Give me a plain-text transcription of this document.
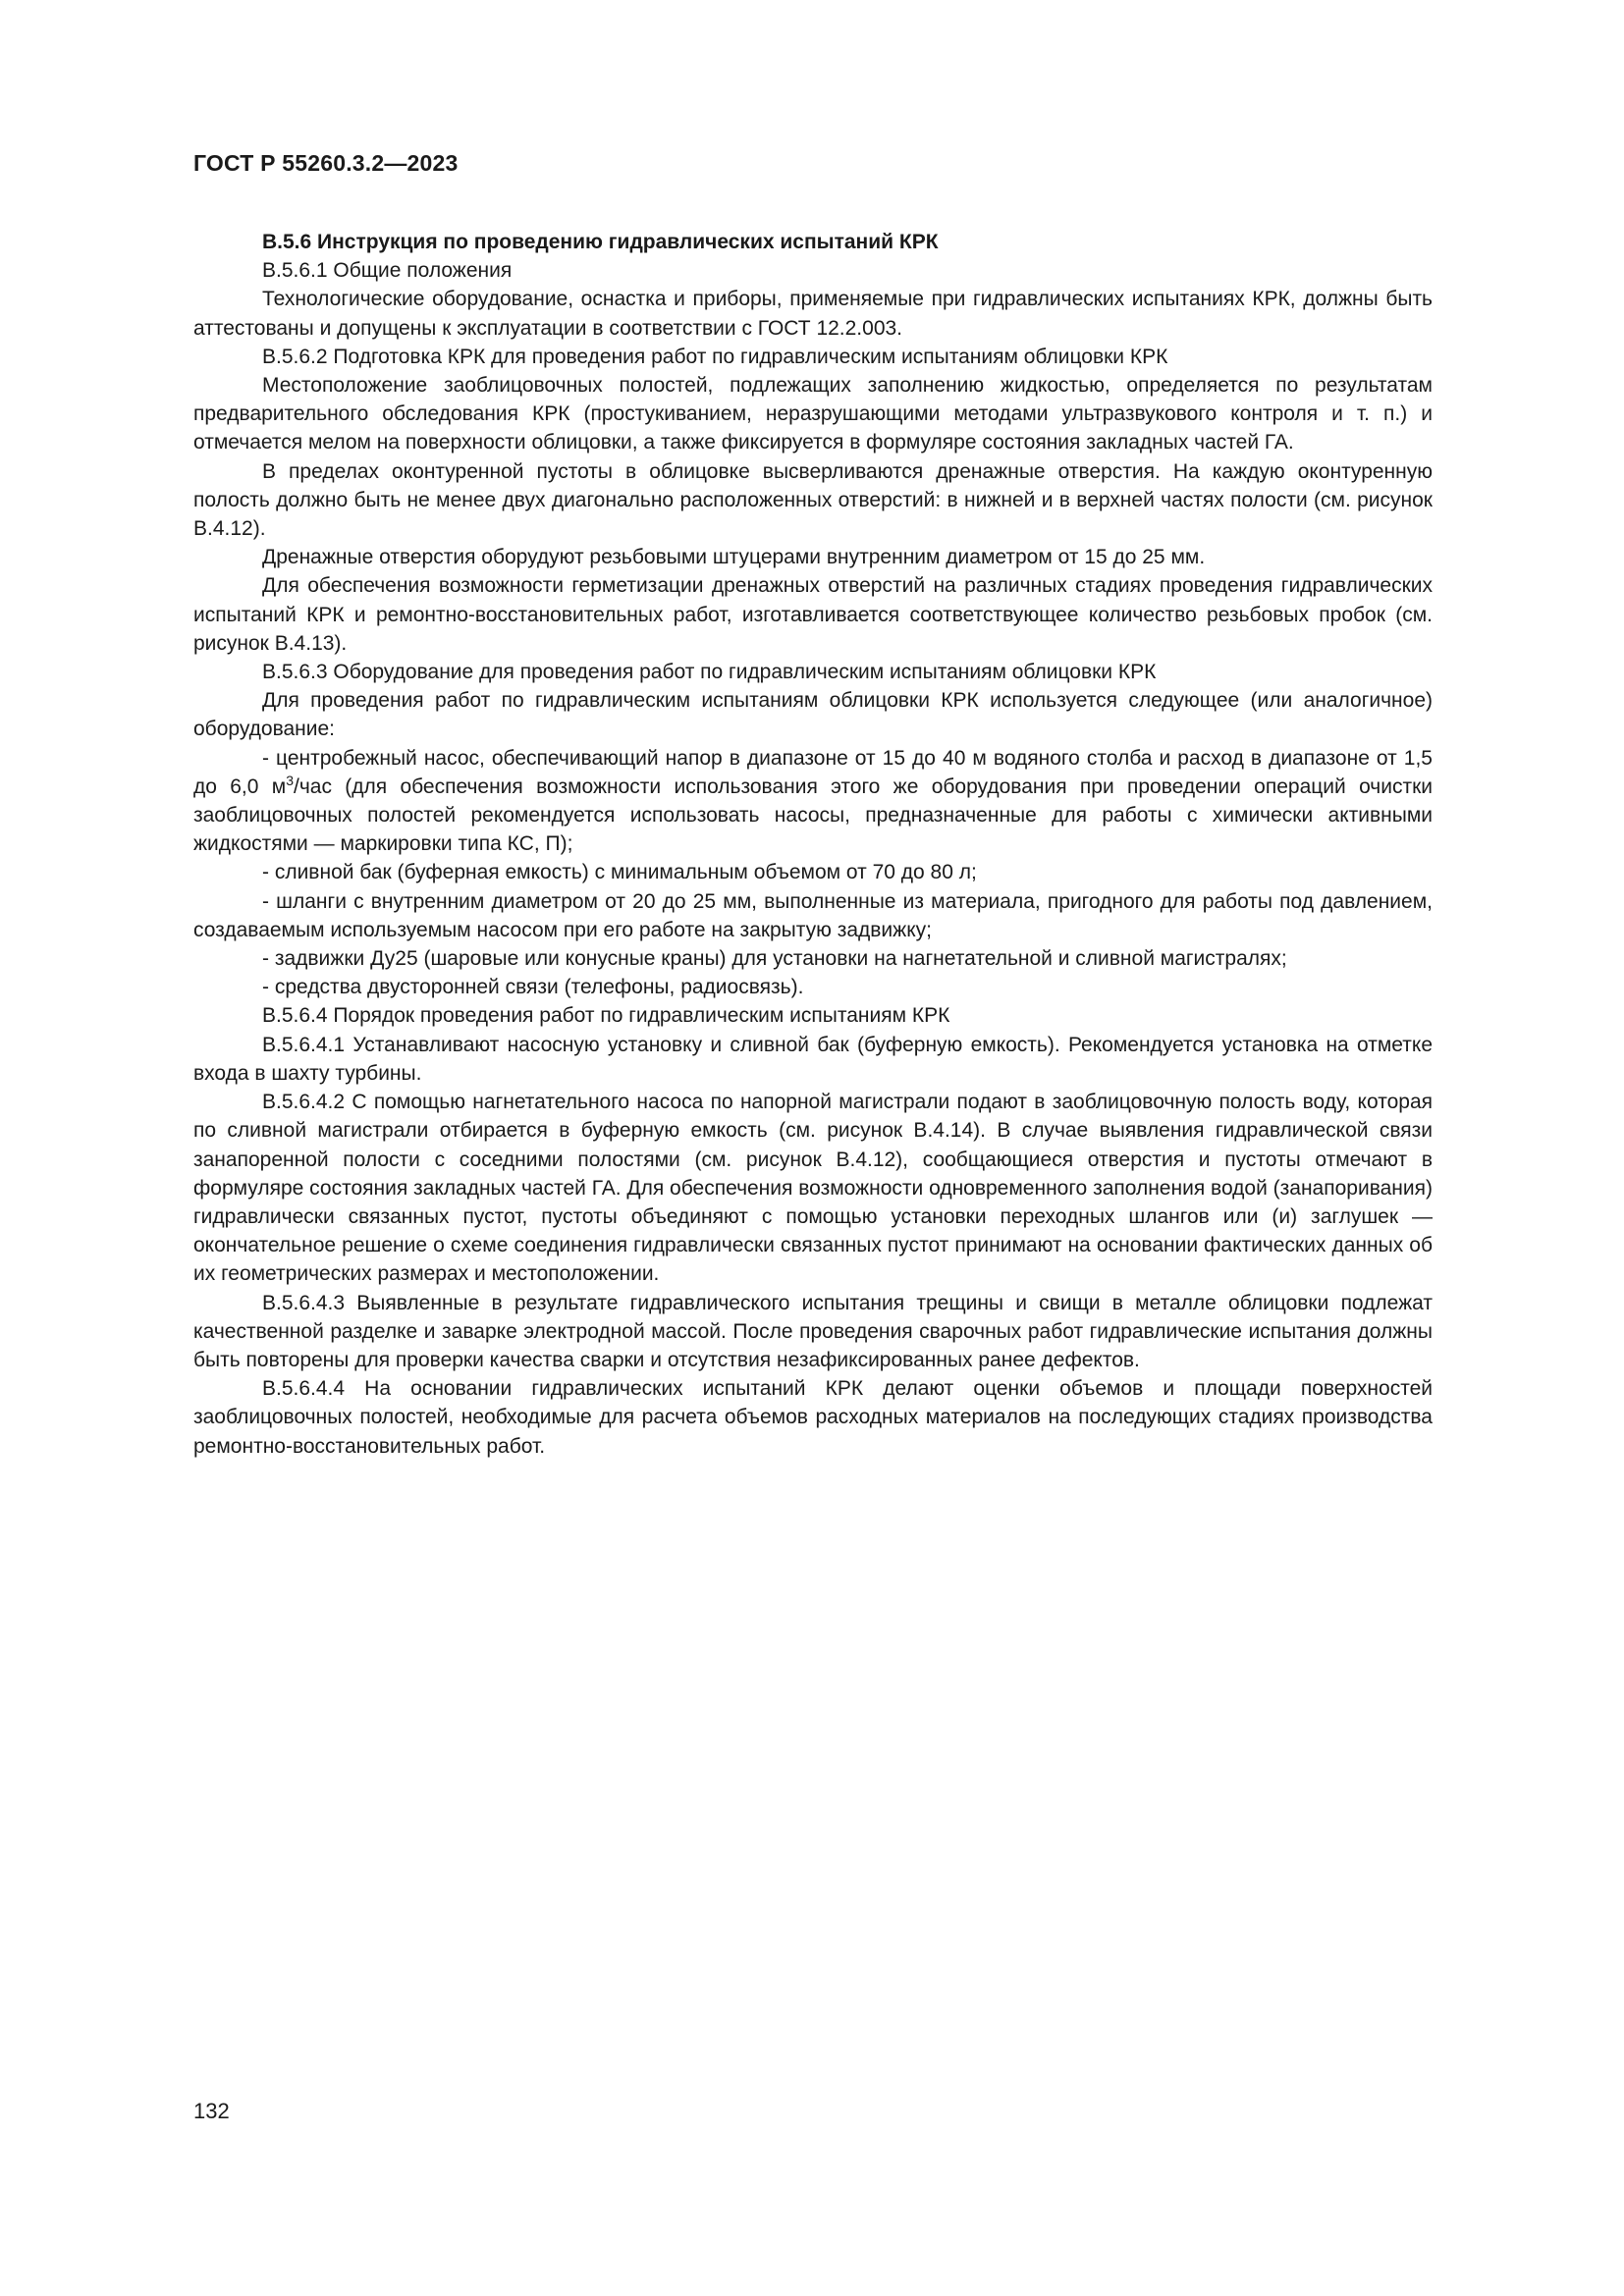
ГОСТ Р 55260.3.2—2023

В.5.6 Инструкция по проведению гидравлических испытаний КРК

В.5.6.1 Общие положения

Технологические оборудование, оснастка и приборы, применяемые при гидравлических испытаниях КРК, должны быть аттестованы и допущены к эксплуатации в соответствии с ГОСТ 12.2.003.

В.5.6.2 Подготовка КРК для проведения работ по гидравлическим испытаниям облицовки КРК

Местоположение заоблицовочных полостей, подлежащих заполнению жидкостью, определяется по результатам предварительного обследования КРК (простукиванием, неразрушающими методами ультразвукового контроля и т. п.) и отмечается мелом на поверхности облицовки, а также фиксируется в формуляре состояния закладных частей ГА.

В пределах оконтуренной пустоты в облицовке высверливаются дренажные отверстия. На каждую оконтуренную полость должно быть не менее двух диагонально расположенных отверстий: в нижней и в верхней частях полости (см. рисунок В.4.12).

Дренажные отверстия оборудуют резьбовыми штуцерами внутренним диаметром от 15 до 25 мм.

Для обеспечения возможности герметизации дренажных отверстий на различных стадиях проведения гидравлических испытаний КРК и ремонтно-восстановительных работ, изготавливается соответствующее количество резьбовых пробок (см. рисунок В.4.13).

В.5.6.3 Оборудование для проведения работ по гидравлическим испытаниям облицовки КРК

Для проведения работ по гидравлическим испытаниям облицовки КРК используется следующее (или аналогичное) оборудование:

- центробежный насос, обеспечивающий напор в диапазоне от 15 до 40 м водяного столба и расход в диапазоне от 1,5 до 6,0 $м^3$/час (для обеспечения возможности использования этого же оборудования при проведении операций очистки заоблицовочных полостей рекомендуется использовать насосы, предназначенные для работы с химически активными жидкостями — маркировки типа КС, П);

- сливной бак (буферная емкость) с минимальным объемом от 70 до 80 л;

- шланги с внутренним диаметром от 20 до 25 мм, выполненные из материала, пригодного для работы под давлением, создаваемым используемым насосом при его работе на закрытую задвижку;

- задвижки Ду25 (шаровые или конусные краны) для установки на нагнетательной и сливной магистралях;

- средства двусторонней связи (телефоны, радиосвязь).

В.5.6.4 Порядок проведения работ по гидравлическим испытаниям КРК

В.5.6.4.1 Устанавливают насосную установку и сливной бак (буферную емкость). Рекомендуется установка на отметке входа в шахту турбины.

В.5.6.4.2 С помощью нагнетательного насоса по напорной магистрали подают в заоблицовочную полость воду, которая по сливной магистрали отбирается в буферную емкость (см. рисунок В.4.14). В случае выявления гидравлической связи занапоренной полости с соседними полостями (см. рисунок В.4.12), сообщающиеся отверстия и пустоты отмечают в формуляре состояния закладных частей ГА. Для обеспечения возможности одновременного заполнения водой (занапоривания) гидравлически связанных пустот, пустоты объединяют с помощью установки переходных шлангов или (и) заглушек — окончательное решение о схеме соединения гидравлически связанных пустот принимают на основании фактических данных об их геометрических размерах и местоположении.

В.5.6.4.3 Выявленные в результате гидравлического испытания трещины и свищи в металле облицовки подлежат качественной разделке и заварке электродной массой. После проведения сварочных работ гидравлические испытания должны быть повторены для проверки качества сварки и отсутствия незафиксированных ранее дефектов.

В.5.6.4.4 На основании гидравлических испытаний КРК делают оценки объемов и площади поверхностей заоблицовочных полостей, необходимые для расчета объемов расходных материалов на последующих стадиях производства ремонтно-восстановительных работ.

132
